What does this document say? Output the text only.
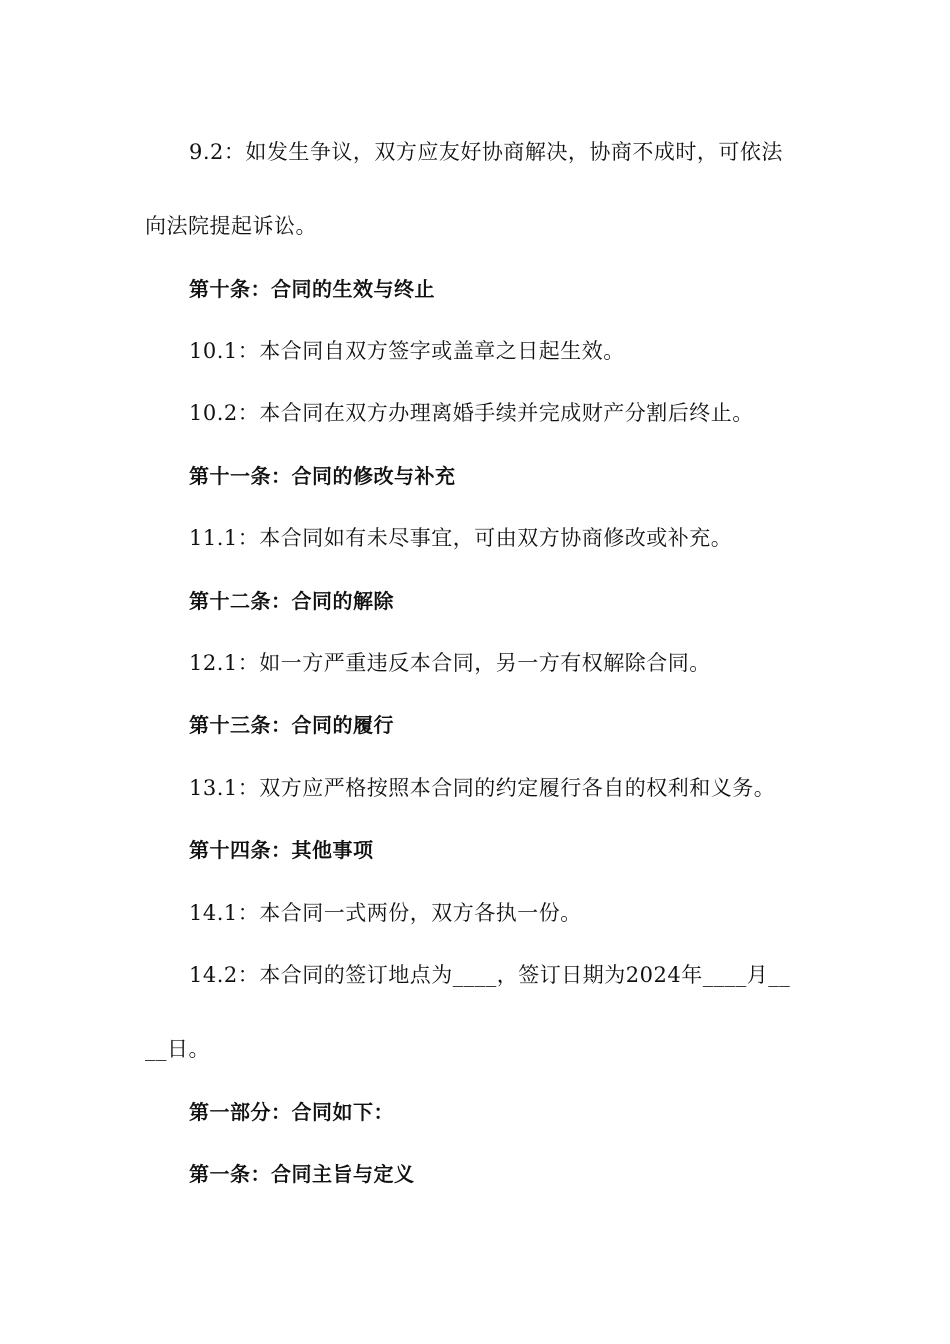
9.2：如发生争议，双方应友好协商解决，协商不成时，可依法
向法院提起诉讼。
第十条：合同的生效与终止
10.1：本合同自双方签字或盖章之日起生效。
10.2：本合同在双方办理离婚手续并完成财产分割后终止。
第十一条：合同的修改与补充
11.1：本合同如有未尽事宜，可由双方协商修改或补充。
第十二条：合同的解除
12.1：如一方严重违反本合同，另一方有权解除合同。
第十三条：合同的履行
13.1：双方应严格按照本合同的约定履行各自的权利和义务。
第十四条：其他事项
14.1：本合同一式两份，双方各执一份。
14.2：本合同的签订地点为____，签订日期为2024年____月__
__日。
第一部分：合同如下：
第一条：合同主旨与定义
